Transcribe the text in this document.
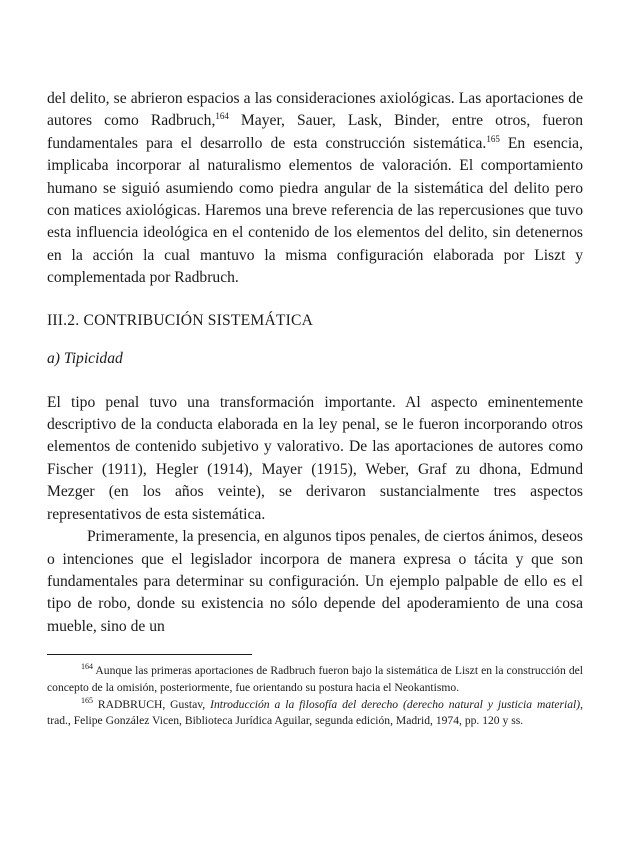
del delito, se abrieron espacios a las consideraciones axiológicas. Las aportaciones de autores como Radbruch,$^{164}$ Mayer, Sauer, Lask, Binder, entre otros, fueron fundamentales para el desarrollo de esta construcción sistemática.$^{165}$ En esencia, implicaba incorporar al naturalismo elementos de valoración. El comportamiento humano se siguió asumiendo como piedra angular de la sistemática del delito pero con matices axiológicas. Haremos una breve referencia de las repercusiones que tuvo esta influencia ideológica en el contenido de los elementos del delito, sin detenernos en la acción la cual mantuvo la misma configuración elaborada por Liszt y complementada por Radbruch.

III.2. CONTRIBUCIÓN SISTEMÁTICA
a) Tipicidad

El tipo penal tuvo una transformación importante. Al aspecto eminentemente descriptivo de la conducta elaborada en la ley penal, se le fueron incorporando otros elementos de contenido subjetivo y valorativo. De las aportaciones de autores como Fischer (1911), Hegler (1914), Mayer (1915), Weber, Graf zu dhona, Edmund Mezger (en los años veinte), se derivaron sustancialmente tres aspectos representativos de esta sistemática.

Primeramente, la presencia, en algunos tipos penales, de ciertos ánimos, deseos o intenciones que el legislador incorpora de manera expresa o tácita y que son fundamentales para determinar su configuración. Un ejemplo palpable de ello es el tipo de robo, donde su existencia no sólo depende del apoderamiento de una cosa mueble, sino de un

$^{164}$ Aunque las primeras aportaciones de Radbruch fueron bajo la sistemática de Liszt en la construcción del concepto de la omisión, posteriormente, fue orientando su postura hacia el Neokantismo.

$^{165}$ RADBRUCH, Gustav, Introducción a la filosofía del derecho (derecho natural y justicia material), trad., Felipe González Vicen, Biblioteca Jurídica Aguilar, segunda edición, Madrid, 1974, pp. 120 y ss.
